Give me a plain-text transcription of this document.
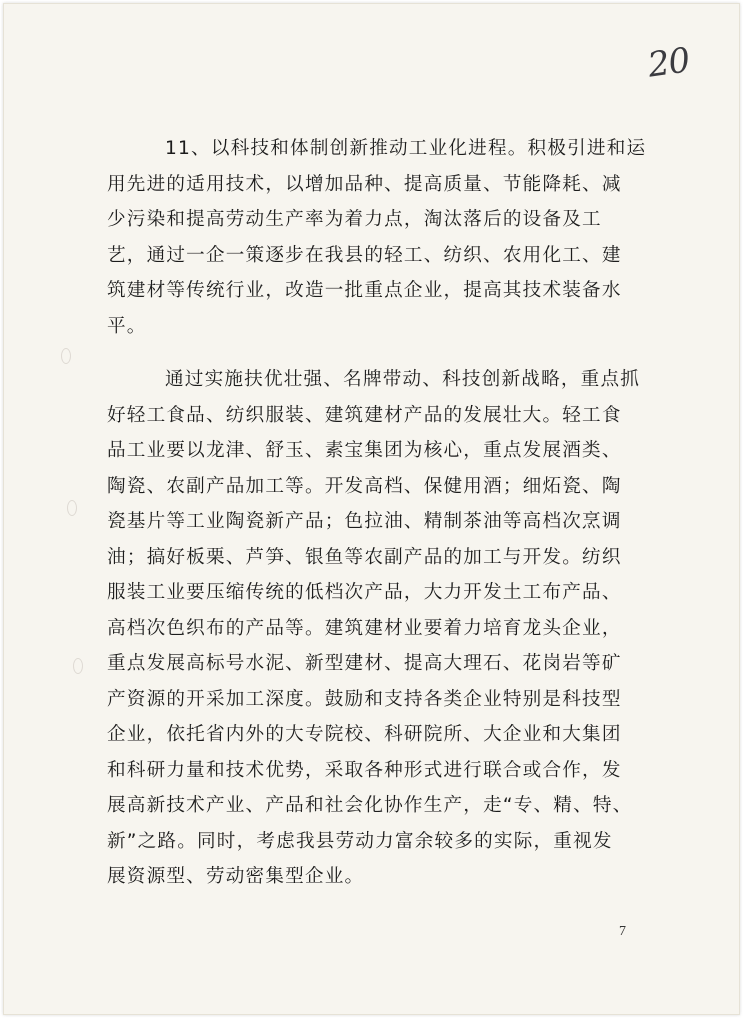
20
11、以科技和体制创新推动工业化进程。积极引进和运
用先进的适用技术，以增加品种、提高质量、节能降耗、减
少污染和提高劳动生产率为着力点，淘汰落后的设备及工
艺，通过一企一策逐步在我县的轻工、纺织、农用化工、建
筑建材等传统行业，改造一批重点企业，提高其技术装备水
平。
通过实施扶优壮强、名牌带动、科技创新战略，重点抓
好轻工食品、纺织服装、建筑建材产品的发展壮大。轻工食
品工业要以龙津、舒玉、素宝集团为核心，重点发展酒类、
陶瓷、农副产品加工等。开发高档、保健用酒；细炻瓷、陶
瓷基片等工业陶瓷新产品；色拉油、精制茶油等高档次烹调
油；搞好板栗、芦笋、银鱼等农副产品的加工与开发。纺织
服装工业要压缩传统的低档次产品，大力开发土工布产品、
高档次色织布的产品等。建筑建材业要着力培育龙头企业，
重点发展高标号水泥、新型建材、提高大理石、花岗岩等矿
产资源的开采加工深度。鼓励和支持各类企业特别是科技型
企业，依托省内外的大专院校、科研院所、大企业和大集团
和科研力量和技术优势，采取各种形式进行联合或合作，发
展高新技术产业、产品和社会化协作生产，走“专、精、特、
新”之路。同时，考虑我县劳动力富余较多的实际，重视发
展资源型、劳动密集型企业。
7
